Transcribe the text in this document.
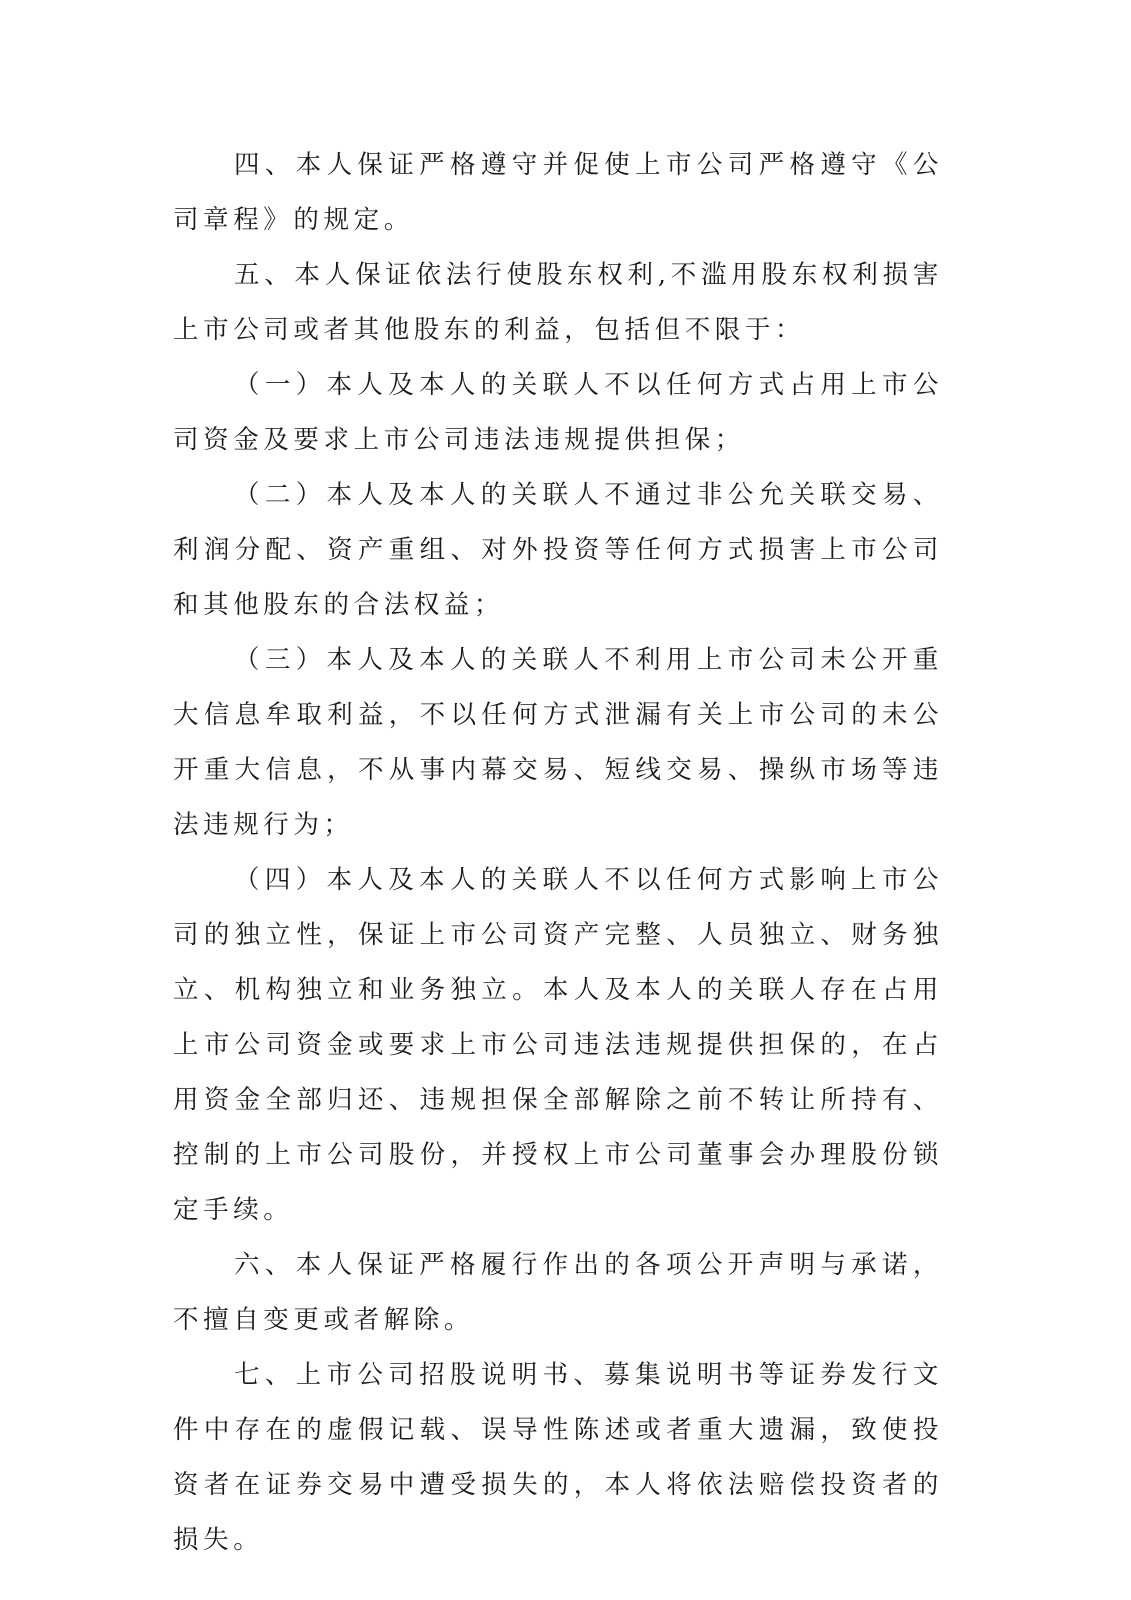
四、本人保证严格遵守并促使上市公司严格遵守《公司章程》的规定。

五、本人保证依法行使股东权利,不滥用股东权利损害上市公司或者其他股东的利益，包括但不限于：

（一）本人及本人的关联人不以任何方式占用上市公司资金及要求上市公司违法违规提供担保；

（二）本人及本人的关联人不通过非公允关联交易、利润分配、资产重组、对外投资等任何方式损害上市公司和其他股东的合法权益；

（三）本人及本人的关联人不利用上市公司未公开重大信息牟取利益，不以任何方式泄漏有关上市公司的未公开重大信息，不从事内幕交易、短线交易、操纵市场等违法违规行为；

（四）本人及本人的关联人不以任何方式影响上市公司的独立性，保证上市公司资产完整、人员独立、财务独立、机构独立和业务独立。本人及本人的关联人存在占用上市公司资金或要求上市公司违法违规提供担保的，在占用资金全部归还、违规担保全部解除之前不转让所持有、控制的上市公司股份，并授权上市公司董事会办理股份锁定手续。

六、本人保证严格履行作出的各项公开声明与承诺，不擅自变更或者解除。

七、上市公司招股说明书、募集说明书等证券发行文件中存在的虚假记载、误导性陈述或者重大遗漏，致使投资者在证券交易中遭受损失的，本人将依法赔偿投资者的损失。
